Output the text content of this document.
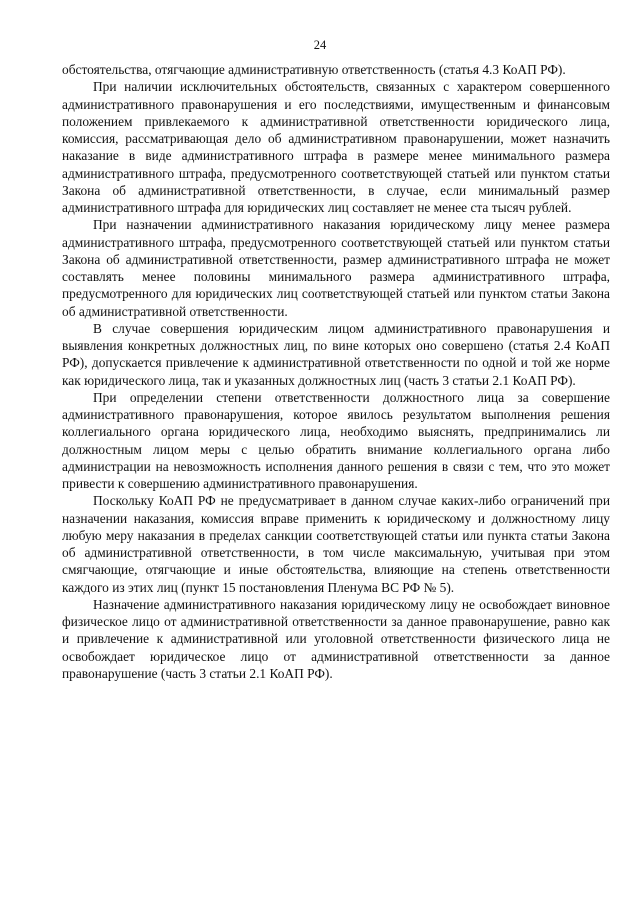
24

обстоятельства, отягчающие административную ответственность (статья 4.3 КоАП РФ).

При наличии исключительных обстоятельств, связанных с характером совершенного административного правонарушения и его последствиями, имущественным и финансовым положением привлекаемого к административной ответственности юридического лица, комиссия, рассматривающая дело об административном правонарушении, может назначить наказание в виде административного штрафа в размере менее минимального размера административного штрафа, предусмотренного соответствующей статьей или пунктом статьи Закона об административной ответственности, в случае, если минимальный размер административного штрафа для юридических лиц составляет не менее ста тысяч рублей.

При назначении административного наказания юридическому лицу менее размера административного штрафа, предусмотренного соответствующей статьей или пунктом статьи Закона об административной ответственности, размер административного штрафа не может составлять менее половины минимального размера административного штрафа, предусмотренного для юридических лиц соответствующей статьей или пунктом статьи Закона об административной ответственности.

В случае совершения юридическим лицом административного правонарушения и выявления конкретных должностных лиц, по вине которых оно совершено (статья 2.4 КоАП РФ), допускается привлечение к административной ответственности по одной и той же норме как юридического лица, так и указанных должностных лиц (часть 3 статьи 2.1 КоАП РФ).

При определении степени ответственности должностного лица за совершение административного правонарушения, которое явилось результатом выполнения решения коллегиального органа юридического лица, необходимо выяснять, предпринимались ли должностным лицом меры с целью обратить внимание коллегиального органа либо администрации на невозможность исполнения данного решения в связи с тем, что это может привести к совершению административного правонарушения.

Поскольку КоАП РФ не предусматривает в данном случае каких-либо ограничений при назначении наказания, комиссия вправе применить к юридическому и должностному лицу любую меру наказания в пределах санкции соответствующей статьи или пункта статьи Закона об административной ответственности, в том числе максимальную, учитывая при этом смягчающие, отягчающие и иные обстоятельства, влияющие на степень ответственности каждого из этих лиц (пункт 15 постановления Пленума ВС РФ № 5).

Назначение административного наказания юридическому лицу не освобождает виновное физическое лицо от административной ответственности за данное правонарушение, равно как и привлечение к административной или уголовной ответственности физического лица не освобождает юридическое лицо от административной ответственности за данное правонарушение (часть 3 статьи 2.1 КоАП РФ).
